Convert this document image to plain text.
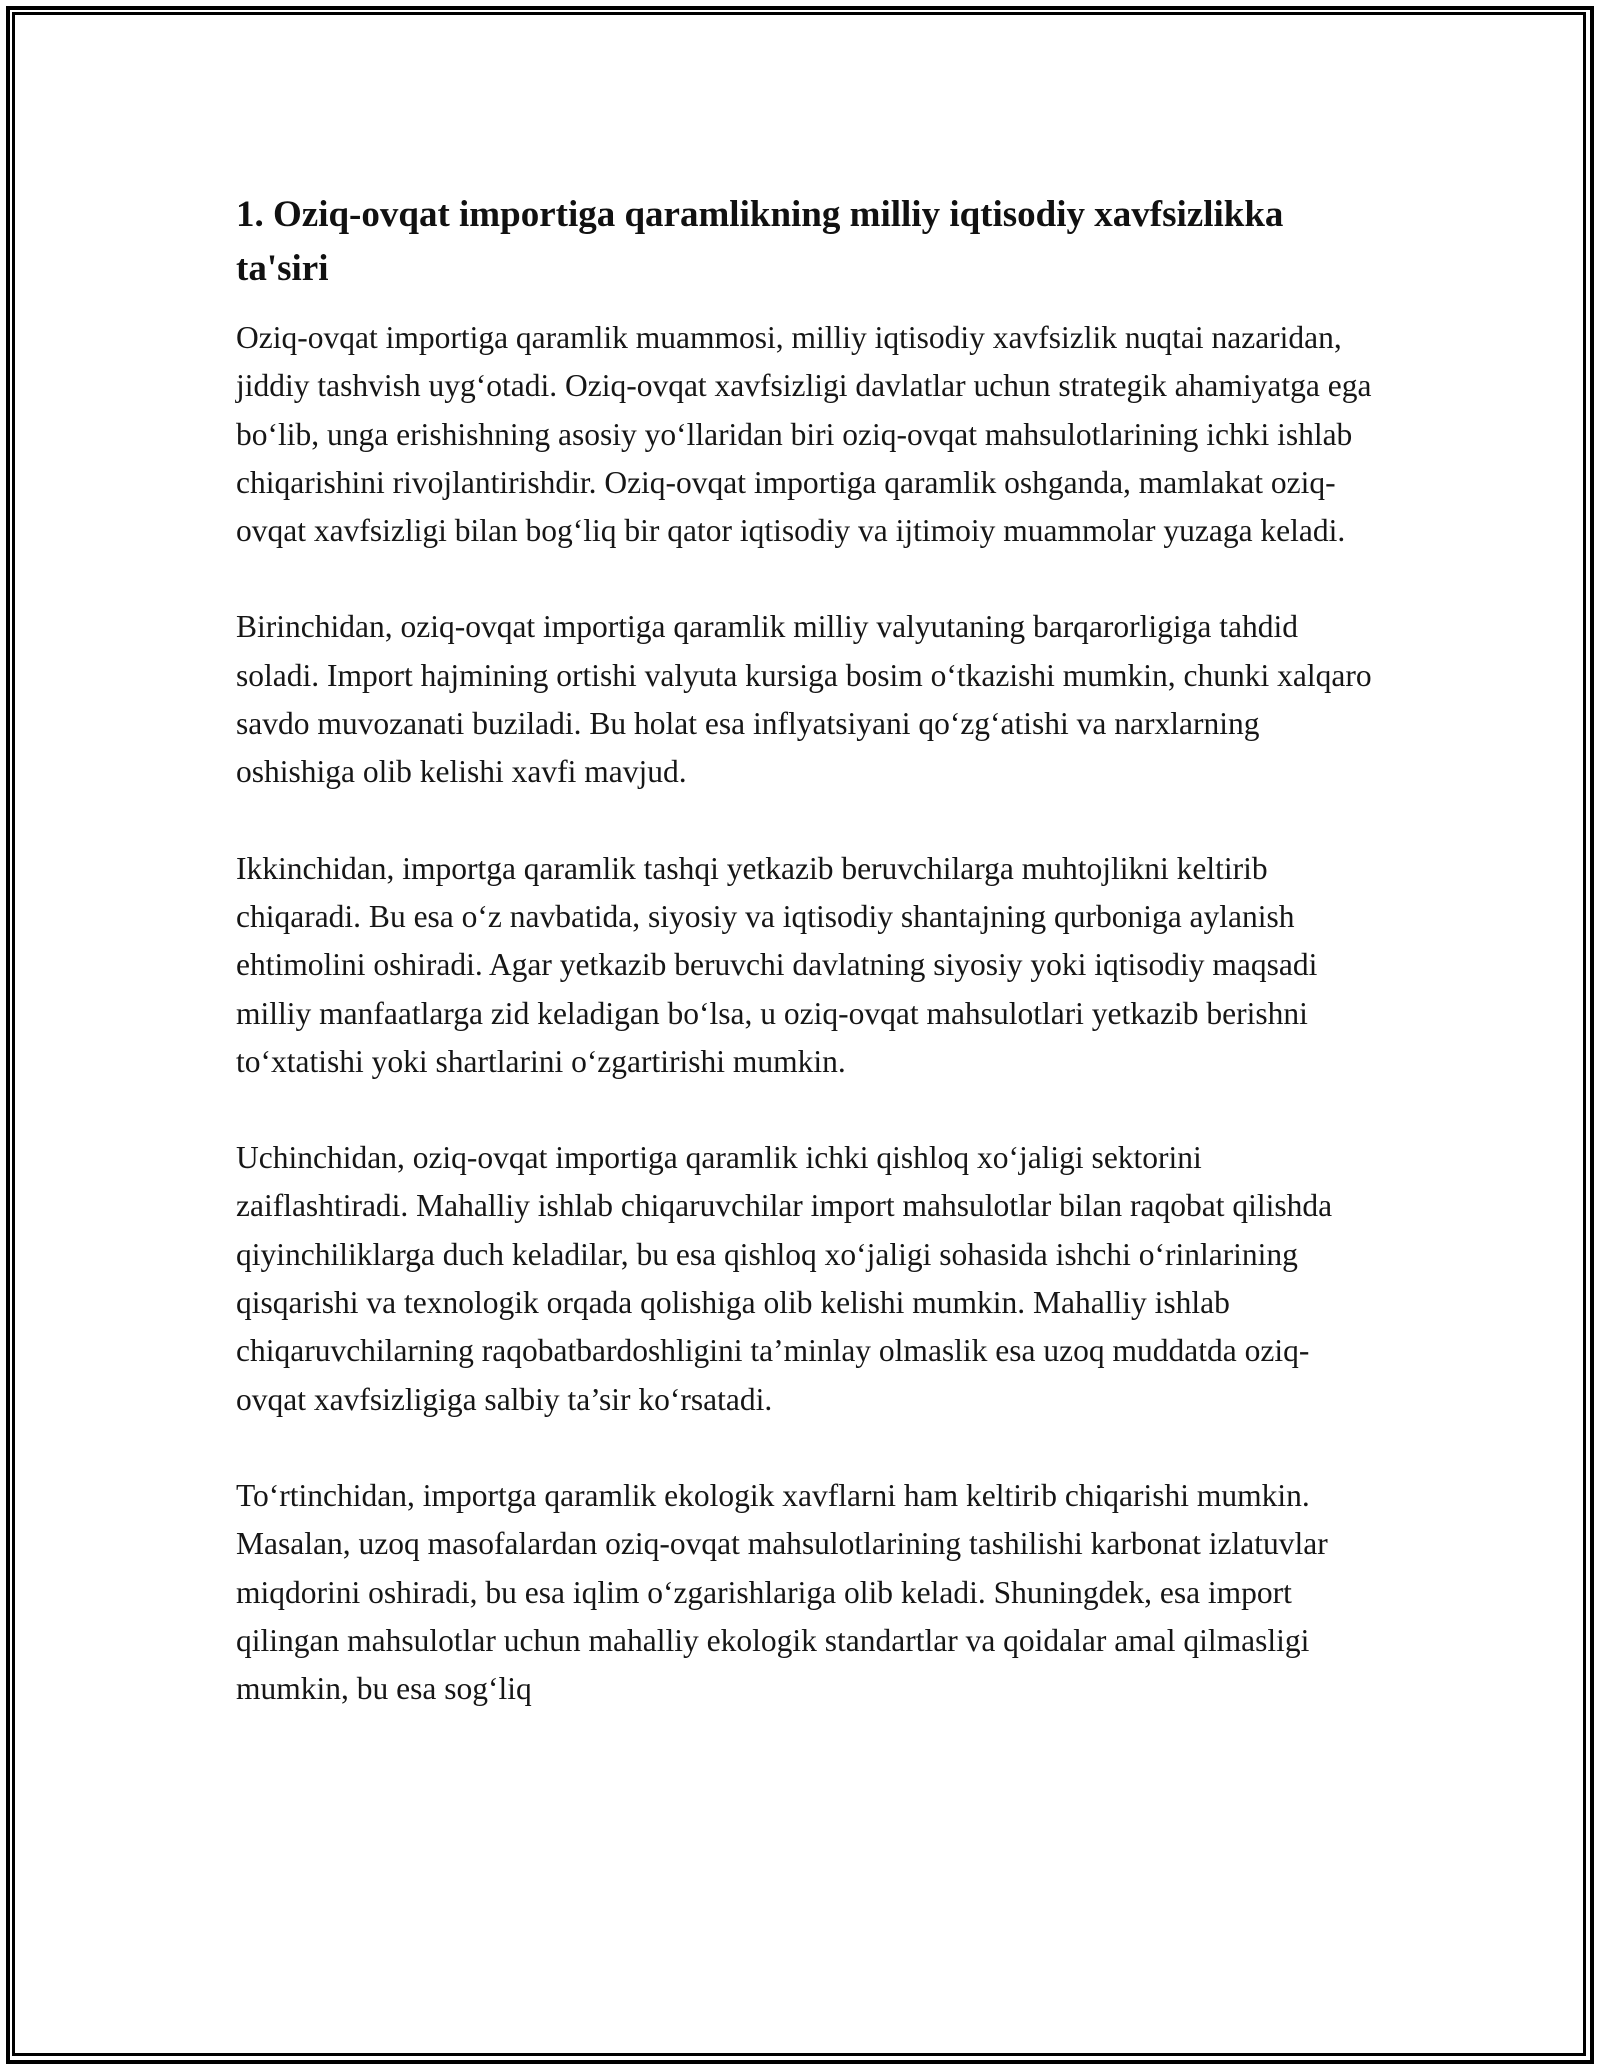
1. Oziq-ovqat importiga qaramlikning milliy iqtisodiy xavfsizlikka ta'siri

Oziq-ovqat importiga qaramlik muammosi, milliy iqtisodiy xavfsizlik nuqtai nazaridan, jiddiy tashvish uyg‘otadi. Oziq-ovqat xavfsizligi davlatlar uchun strategik ahamiyatga ega bo‘lib, unga erishishning asosiy yo‘llaridan biri oziq-ovqat mahsulotlarining ichki ishlab chiqarishini rivojlantirishdir. Oziq-ovqat importiga qaramlik oshganda, mamlakat oziq-ovqat xavfsizligi bilan bog‘liq bir qator iqtisodiy va ijtimoiy muammolar yuzaga keladi.

Birinchidan, oziq-ovqat importiga qaramlik milliy valyutaning barqarorligiga tahdid soladi. Import hajmining ortishi valyuta kursiga bosim o‘tkazishi mumkin, chunki xalqaro savdo muvozanati buziladi. Bu holat esa inflyatsiyani qo‘zg‘atishi va narxlarning oshishiga olib kelishi xavfi mavjud.

Ikkinchidan, importga qaramlik tashqi yetkazib beruvchilarga muhtojlikni keltirib chiqaradi. Bu esa o‘z navbatida, siyosiy va iqtisodiy shantajning qurboniga aylanish ehtimolini oshiradi. Agar yetkazib beruvchi davlatning siyosiy yoki iqtisodiy maqsadi milliy manfaatlarga zid keladigan bo‘lsa, u oziq-ovqat mahsulotlari yetkazib berishni to‘xtatishi yoki shartlarini o‘zgartirishi mumkin.

Uchinchidan, oziq-ovqat importiga qaramlik ichki qishloq xo‘jaligi sektorini zaiflashtiradi. Mahalliy ishlab chiqaruvchilar import mahsulotlar bilan raqobat qilishda qiyinchiliklarga duch keladilar, bu esa qishloq xo‘jaligi sohasida ishchi o‘rinlarining qisqarishi va texnologik orqada qolishiga olib kelishi mumkin. Mahalliy ishlab chiqaruvchilarning raqobatbardoshligini ta’minlay olmaslik esa uzoq muddatda oziq-ovqat xavfsizligiga salbiy ta’sir ko‘rsatadi.

To‘rtinchidan, importga qaramlik ekologik xavflarni ham keltirib chiqarishi mumkin. Masalan, uzoq masofalardan oziq-ovqat mahsulotlarining tashilishi karbonat izlatuvlar miqdorini oshiradi, bu esa iqlim o‘zgarishlariga olib keladi. Shuningdek, esa import qilingan mahsulotlar uchun mahalliy ekologik standartlar va qoidalar amal qilmasligi mumkin, bu esa sog‘liq
